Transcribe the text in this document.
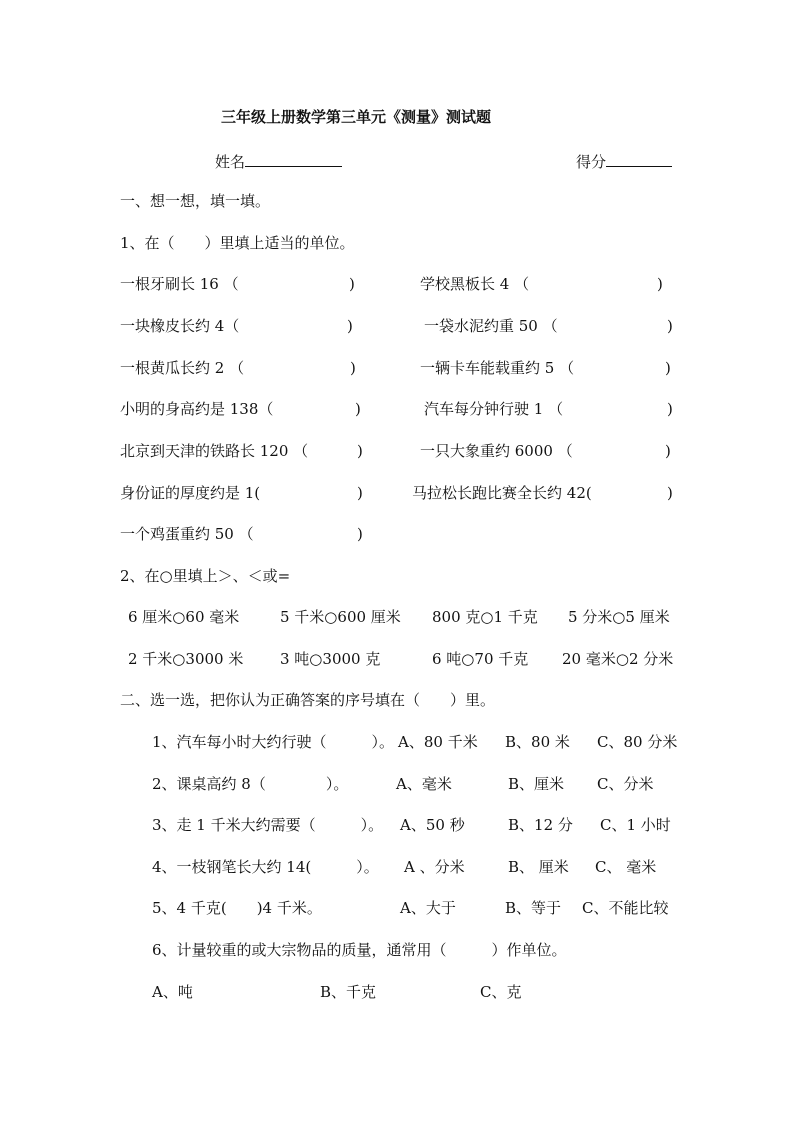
三年级上册数学第三单元《测量》测试题
姓名	得分
一、想一想，填一填。
1、在（　　）里填上适当的单位。
一根牙刷长 16 （	)	学校黑板长 4 （	)
一块橡皮长约 4（	)	一袋水泥约重 50 （	)
一根黄瓜长约 2 （	)	一辆卡车能载重约 5 （	)
小明的身高约是 138（	)	汽车每分钟行驶 1 （	)
北京到天津的铁路长 120 （	)	一只大象重约 6000 （	)
身份证的厚度约是 1(	)	马拉松长跑比赛全长约 42(	)
一个鸡蛋重约 50 （	)
2、在○里填上＞、＜或=
6 厘米○60 毫米	5 千米○600 厘米 800 克○1 千克 5 分米○5 厘米
2 千米○3000 米 3 吨○3000 克	6 吨○70 千克 20 毫米○2 分米
二、选一选，把你认为正确答案的序号填在（　　）里。
1、汽车每小时大约行驶（　　　）。 A、80 千米 B、80 米 C、80 分米
2、课桌高约 8（　　　　）。	A、毫米	B、厘米 C、分米
3、走 1 千米大约需要（　　　）。 A、50 秒	B、12 分 C、1 小时
4、一枝钢笔长大约 14(　　　）。 A 、分米	B、 厘米 C、 毫米
5、4 千克(　　)4 千米。	A、大于	B、等于 C、不能比较
6、计量较重的或大宗物品的质量，通常用（　　　）作单位。
A、吨	B、千克	C、克
